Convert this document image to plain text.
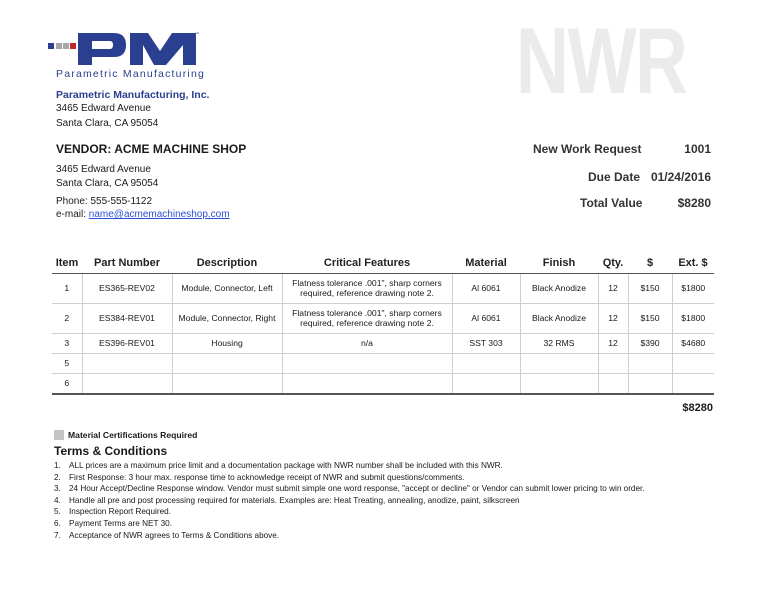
™
Parametric Manufacturing	NWR
Parametric Manufacturing, Inc.
3465 Edward Avenue
Santa Clara, CA 95054
VENDOR: ACME MACHINE SHOP
3465 Edward Avenue
Santa Clara, CA 95054
Phone: 555-555-1122
e-mail: name@acmemachineshop.com
New Work Request	1001
Due Date 01/24/2016
Total Value	$8280
Item	Part Number	Description	Critical Features	Material	Finish	Qty.	$	Ext. $
1	ES365-REV02	Module, Connector, Left	Flatness tolerance .001", sharp corners required, reference drawing note 2.	Al 6061	Black Anodize	12	$150	$1800
2	ES384-REV01	Module, Connector, Right	Flatness tolerance .001", sharp corners required, reference drawing note 2.	Al 6061	Black Anodize	12	$150	$1800
3	ES396-REV01	Housing	n/a	SST 303	32 RMS	12	$390	$4680
5								
6								
$8280
Material Certifications Required
Terms & Conditions
1. ALL prices are a maximum price limit and a documentation package with NWR number shall be included with this NWR.
2. First Response: 3 hour max. response time to acknowledge receipt of NWR and submit questions/comments.
3. 24 Hour Accept/Decline Response window. Vendor must submit simple one word response, "accept or decline" or Vendor can submit lower pricing to win order.
4. Handle all pre and post processing required for materials. Examples are: Heat Treating, annealing, anodize, paint, silkscreen
5. Inspection Report Required.
6. Payment Terms are NET 30.
7. Acceptance of NWR agrees to Terms & Conditions above.
